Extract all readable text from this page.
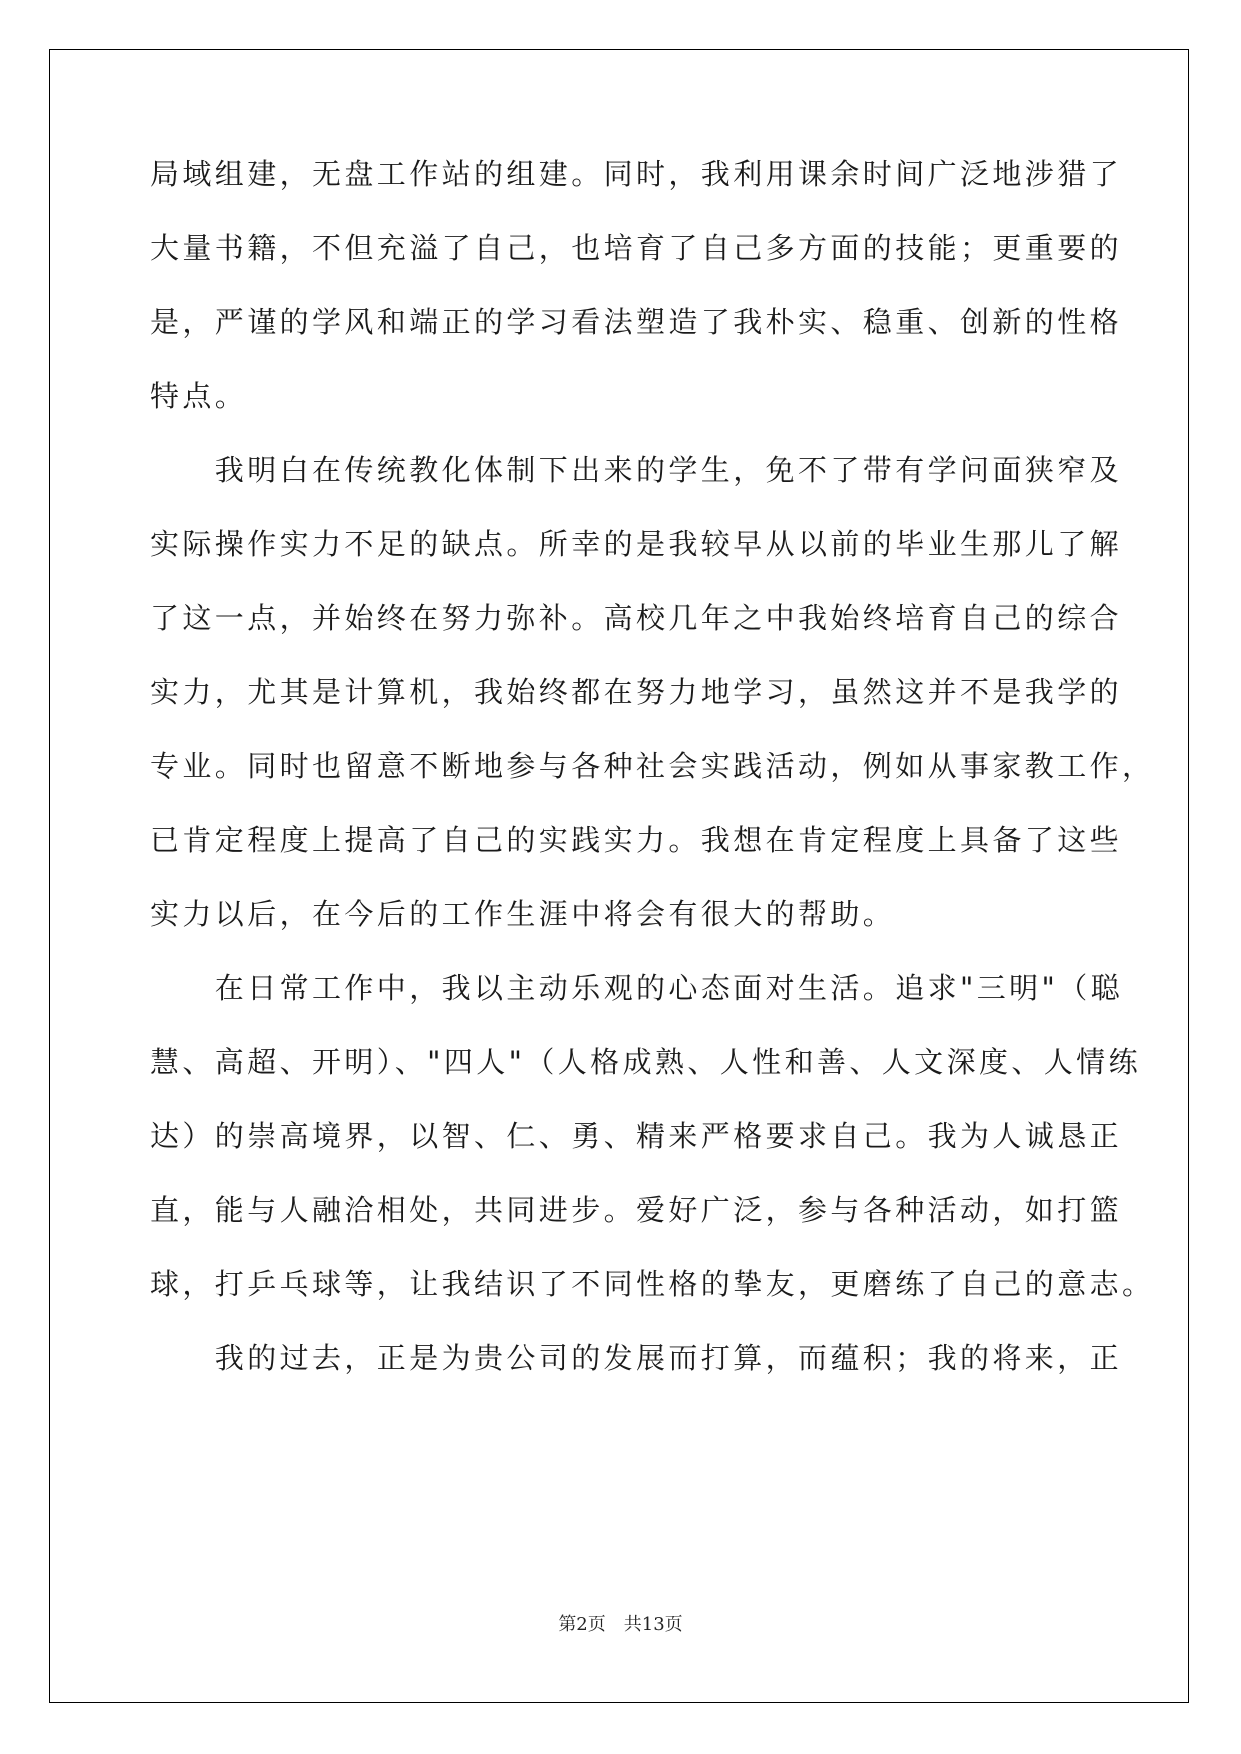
局域组建，无盘工作站的组建。同时，我利用课余时间广泛地涉猎了
大量书籍，不但充溢了自己，也培育了自己多方面的技能；更重要的
是，严谨的学风和端正的学习看法塑造了我朴实、稳重、创新的性格
特点。
　　我明白在传统教化体制下出来的学生，免不了带有学问面狭窄及
实际操作实力不足的缺点。所幸的是我较早从以前的毕业生那儿了解
了这一点，并始终在努力弥补。高校几年之中我始终培育自己的综合
实力，尤其是计算机，我始终都在努力地学习，虽然这并不是我学的
专业。同时也留意不断地参与各种社会实践活动，例如从事家教工作，
已肯定程度上提高了自己的实践实力。我想在肯定程度上具备了这些
实力以后，在今后的工作生涯中将会有很大的帮助。
　　在日常工作中，我以主动乐观的心态面对生活。追求"三明"（聪
慧、高超、开明）、"四人"（人格成熟、人性和善、人文深度、人情练
达）的崇高境界，以智、仁、勇、精来严格要求自己。我为人诚恳正
直，能与人融洽相处，共同进步。爱好广泛，参与各种活动，如打篮
球，打乒乓球等，让我结识了不同性格的挚友，更磨练了自己的意志。
　　我的过去，正是为贵公司的发展而打算，而蕴积；我的将来，正
第2页　共13页
